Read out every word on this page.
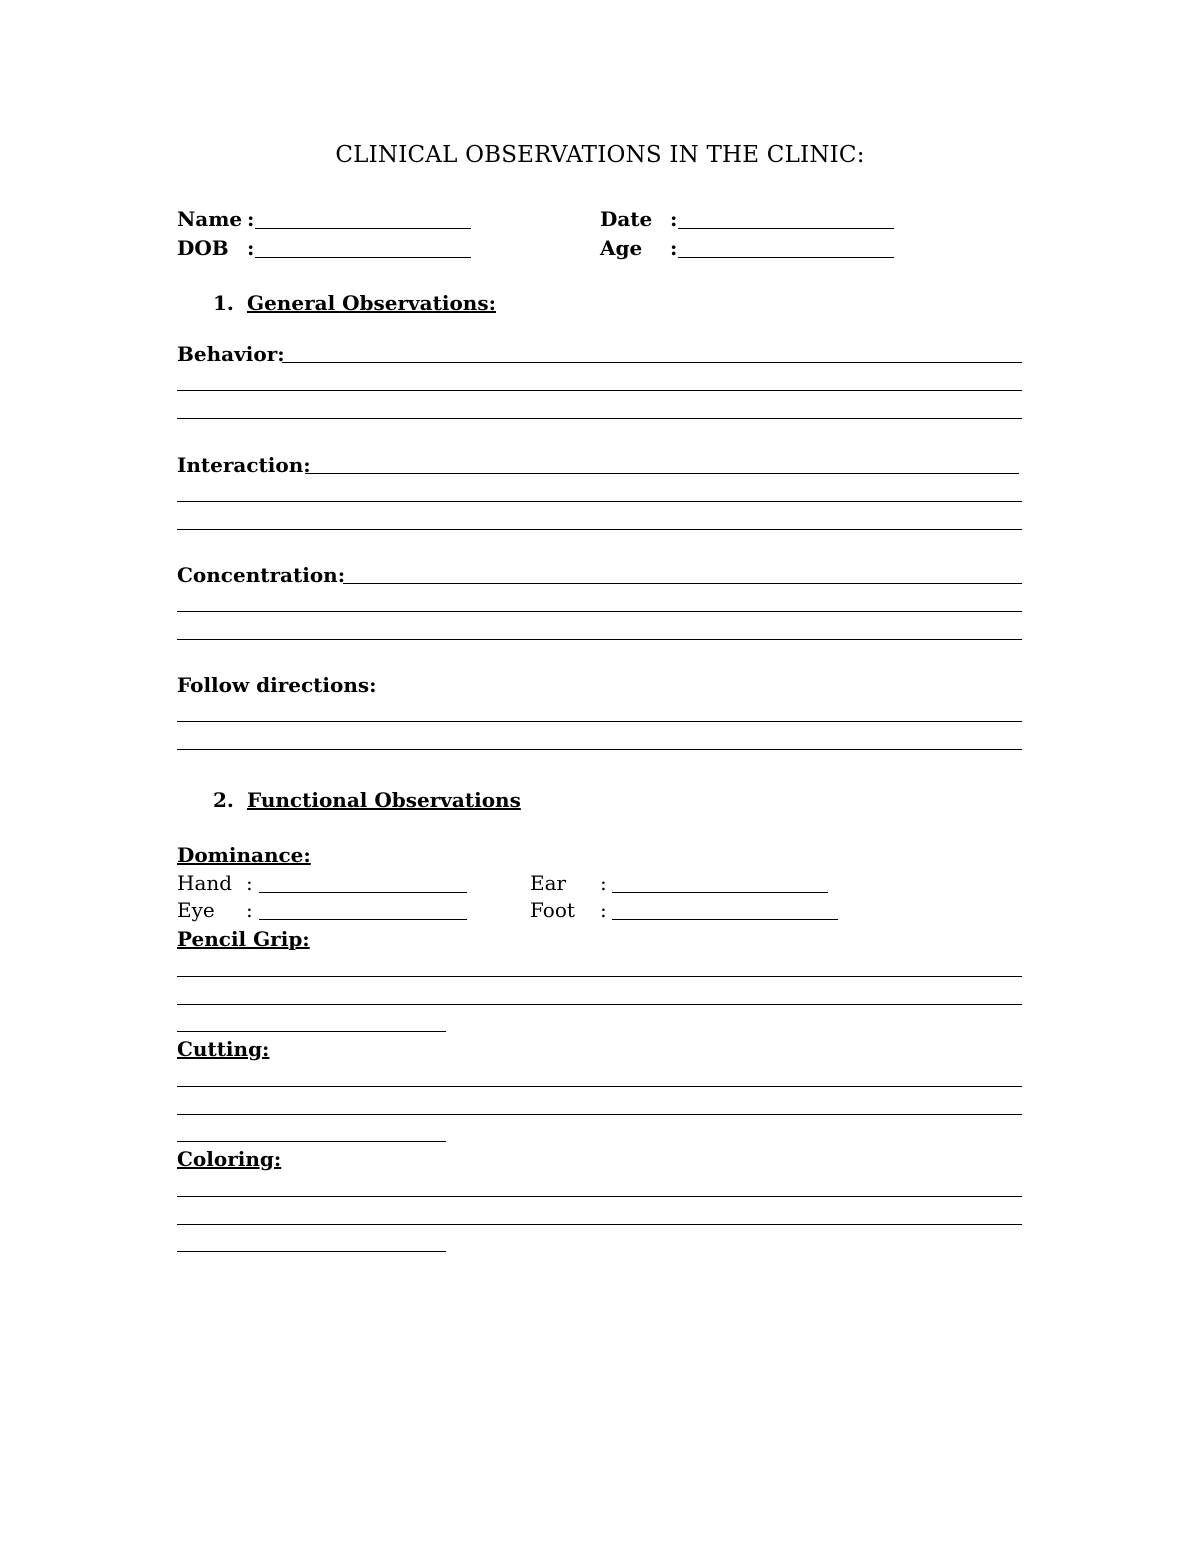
CLINICAL OBSERVATIONS IN THE CLINIC:
Name :	Date :
DOB :	Age :
1. General Observations:
Behavior:
Interaction:
Concentration:
Follow directions:
2. Functional Observations
Dominance:
Hand :	Ear :
Eye :	Foot :
Pencil Grip:
Cutting:
Coloring:
